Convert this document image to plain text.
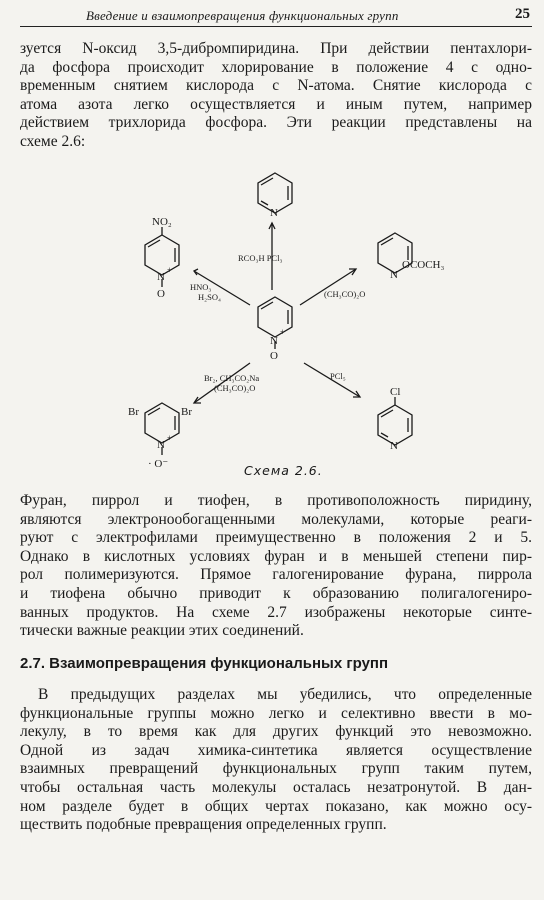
Введение и взаимопревращения функциональных групп	25

зуется N-оксид 3,5-дибромпиридина. При действии пентахлори-
да фосфора происходит хлорирование в положение 4 с одно-
временным снятием кислорода с N-атома. Снятие кислорода с
атома азота легко осуществляется и иным путем, например
действием трихлорида фосфора. Эти реакции представлены на
схеме 2.6:

N
N
+
O
NO₂
N
+
O
N
OCOCH₃
Cl
N
Br	Br
N
+
· O⁻
RCO₃H PCl₃
HNO₃
H₂SO₄	(CH₃CO)₂O
PCl₅
Br₂, CH₃CO₂Na
(CH₃CO)₂O
Схема 2.6.

Фуран, пиррол и тиофен, в противоположность пиридину,
являются электронообогащенными молекулами, которые реаги-
руют с электрофилами преимущественно в положения 2 и 5.
Однако в кислотных условиях фуран и в меньшей степени пир-
рол полимеризуются. Прямое галогенирование фурана, пиррола
и тиофена обычно приводит к образованию полигалогениро-
ванных продуктов. На схеме 2.7 изображены некоторые синте-
тически важные реакции этих соединений.

2.7. Взаимопревращения функциональных групп

В предыдущих разделах мы убедились, что определенные
функциональные группы можно легко и селективно ввести в мо-
лекулу, в то время как для других функций это невозможно.
Одной из задач химика-синтетика является осуществление
взаимных превращений функциональных групп таким путем,
чтобы остальная часть молекулы осталась незатронутой. В дан-
ном разделе будет в общих чертах показано, как можно осу-
ществить подобные превращения определенных групп.
